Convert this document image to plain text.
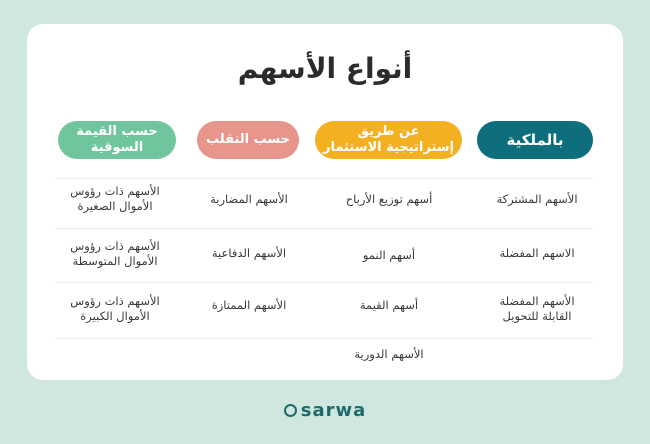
أنواع الأسهم
بالملكية
عن طريق
إستراتيجية الاستثمار
حسب التقلب
حسب القيمة
السوقية
الأسهم المشتركة
أسهم توزيع الأرباح
الأسهم المضاربة
الأسهم ذات رؤوس
الأموال الصغيرة
الاسهم المفضلة
أسهم النمو
الأسهم الدفاعية
الأسهم ذات رؤوس
الأموال المتوسطة
الأسهم المفضلة
القابلة للتحويل
أسهم القيمة
الأسهم الممتازة
الأسهم ذات رؤوس
الأموال الكبيرة
الأسهم الدورية
sarwa
